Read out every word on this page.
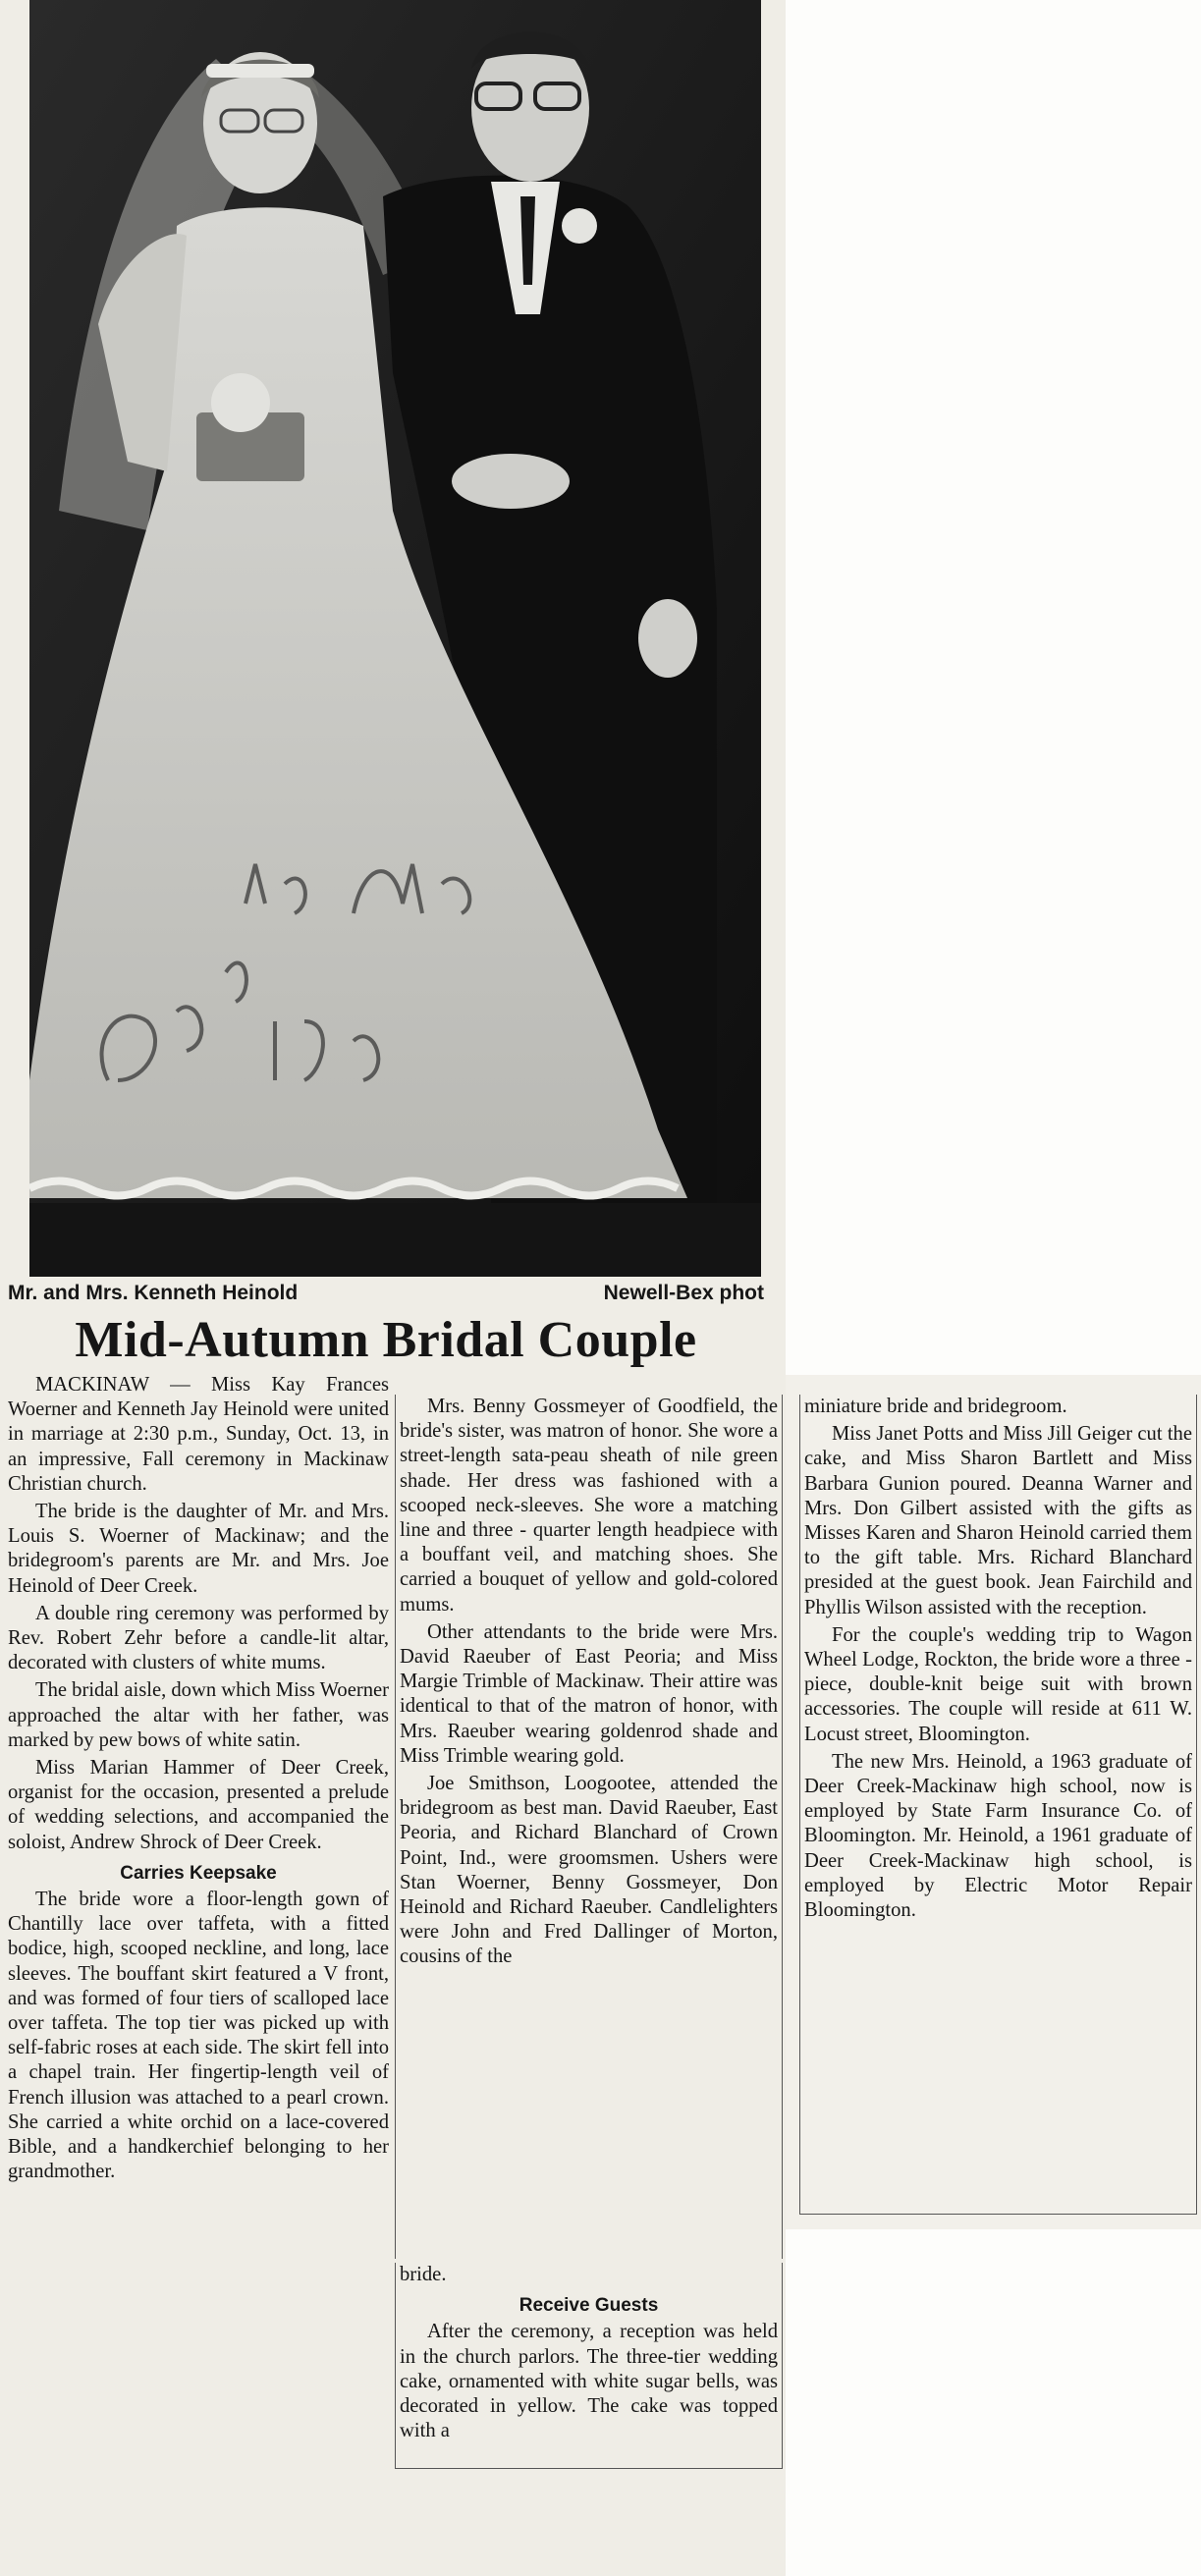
Mr. and Mrs. Kenneth Heinold	Newell-Bex phot
Mid-Autumn Bridal Couple

MACKINAW — Miss Kay Frances Woerner and Kenneth Jay Heinold were united in marriage at 2:30 p.m., Sunday, Oct. 13, in an impressive, Fall ceremony in Mackinaw Christian church.

The bride is the daughter of Mr. and Mrs. Louis S. Woerner of Mackinaw; and the bridegroom's parents are Mr. and Mrs. Joe Heinold of Deer Creek.

A double ring ceremony was performed by Rev. Robert Zehr before a candle-lit altar, decorated with clusters of white mums.

The bridal aisle, down which Miss Woerner approached the altar with her father, was marked by pew bows of white satin.

Miss Marian Hammer of Deer Creek, organist for the occasion, presented a prelude of wedding selections, and accompanied the soloist, Andrew Shrock of Deer Creek.

Carries Keepsake

The bride wore a floor-length gown of Chantilly lace over taffeta, with a fitted bodice, high, scooped neckline, and long, lace sleeves. The bouffant skirt featured a V front, and was formed of four tiers of scalloped lace over taffeta. The top tier was picked up with self-fabric roses at each side. The skirt fell into a chapel train. Her fingertip-length veil of French illusion was attached to a pearl crown. She carried a white orchid on a lace-covered Bible, and a handkerchief belonging to her grandmother.

Mrs. Benny Gossmeyer of Goodfield, the bride's sister, was matron of honor. She wore a street-length sata-peau sheath of nile green shade. Her dress was fashioned with a scooped neck-sleeves. She wore a matching line and three - quarter length headpiece with a bouffant veil, and matching shoes. She carried a bouquet of yellow and gold-colored mums.

Other attendants to the bride were Mrs. David Raeuber of East Peoria; and Miss Margie Trimble of Mackinaw. Their attire was identical to that of the matron of honor, with Mrs. Raeuber wearing goldenrod shade and Miss Trimble wearing gold.

Joe Smithson, Loogootee, attended the bridegroom as best man. David Raeuber, East Peoria, and Richard Blanchard of Crown Point, Ind., were groomsmen. Ushers were Stan Woerner, Benny Gossmeyer, Don Heinold and Richard Raeuber. Candlelighters were John and Fred Dallinger of Morton, cousins of the

bride.

Receive Guests

After the ceremony, a reception was held in the church parlors. The three-tier wedding cake, ornamented with white sugar bells, was decorated in yellow. The cake was topped with a

miniature bride and bridegroom.

Miss Janet Potts and Miss Jill Geiger cut the cake, and Miss Sharon Bartlett and Miss Barbara Gunion poured. Deanna Warner and Mrs. Don Gilbert assisted with the gifts as Misses Karen and Sharon Heinold carried them to the gift table. Mrs. Richard Blanchard presided at the guest book. Jean Fairchild and Phyllis Wilson assisted with the reception.

For the couple's wedding trip to Wagon Wheel Lodge, Rockton, the bride wore a three - piece, double-knit beige suit with brown accessories. The couple will reside at 611 W. Locust street, Bloomington.

The new Mrs. Heinold, a 1963 graduate of Deer Creek-Mackinaw high school, now is employed by State Farm Insurance Co. of Bloomington. Mr. Heinold, a 1961 graduate of Deer Creek-Mackinaw high school, is employed by Electric Motor Repair Bloomington.
